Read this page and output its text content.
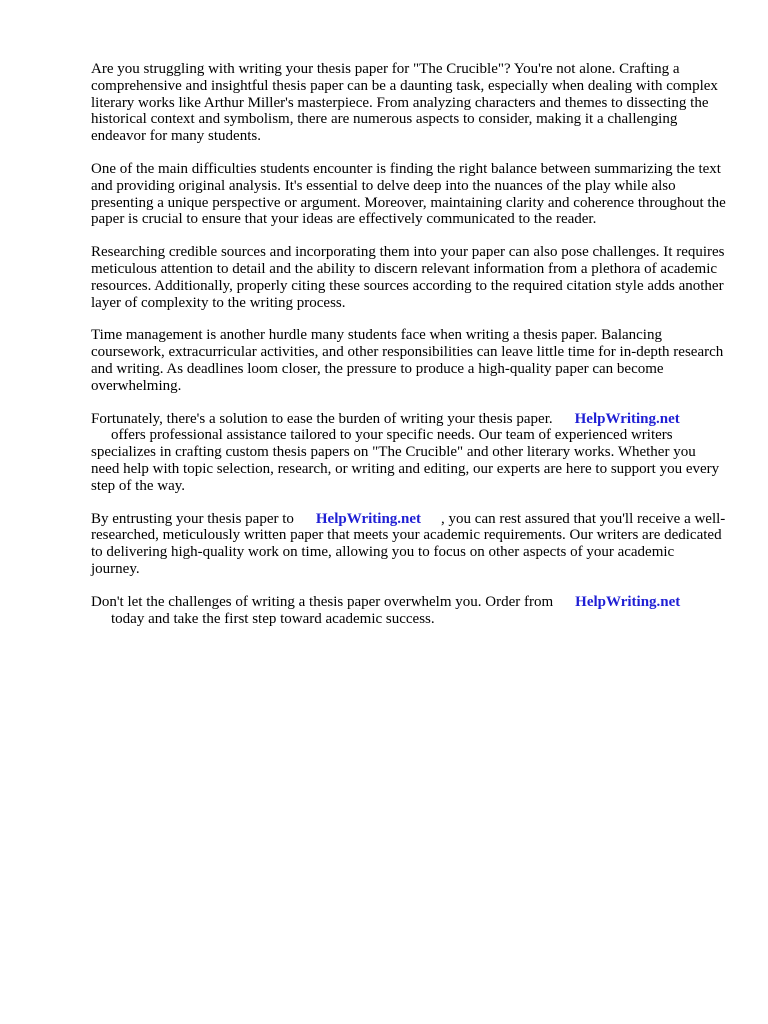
Are you struggling with writing your thesis paper for "The Crucible"? You're not alone. Crafting a comprehensive and insightful thesis paper can be a daunting task, especially when dealing with complex literary works like Arthur Miller's masterpiece. From analyzing characters and themes to dissecting the historical context and symbolism, there are numerous aspects to consider, making it a challenging endeavor for many students.

One of the main difficulties students encounter is finding the right balance between summarizing the text and providing original analysis. It's essential to delve deep into the nuances of the play while also presenting a unique perspective or argument. Moreover, maintaining clarity and coherence throughout the paper is crucial to ensure that your ideas are effectively communicated to the reader.

Researching credible sources and incorporating them into your paper can also pose challenges. It requires meticulous attention to detail and the ability to discern relevant information from a plethora of academic resources. Additionally, properly citing these sources according to the required citation style adds another layer of complexity to the writing process.

Time management is another hurdle many students face when writing a thesis paper. Balancing coursework, extracurricular activities, and other responsibilities can leave little time for in-depth research and writing. As deadlines loom closer, the pressure to produce a high-quality paper can become overwhelming.

Fortunately, there's a solution to ease the burden of writing your thesis paper. HelpWriting.net
offers professional assistance tailored to your specific needs. Our team of experienced writers specializes in crafting custom thesis papers on "The Crucible" and other literary works. Whether you need help with topic selection, research, or writing and editing, our experts are here to support you every step of the way.

By entrusting your thesis paper to HelpWriting.net , you can rest assured that you'll receive a well-researched, meticulously written paper that meets your academic requirements. Our writers are dedicated to delivering high-quality work on time, allowing you to focus on other aspects of your academic journey.

Don't let the challenges of writing a thesis paper overwhelm you. Order from HelpWriting.net
today and take the first step toward academic success.
